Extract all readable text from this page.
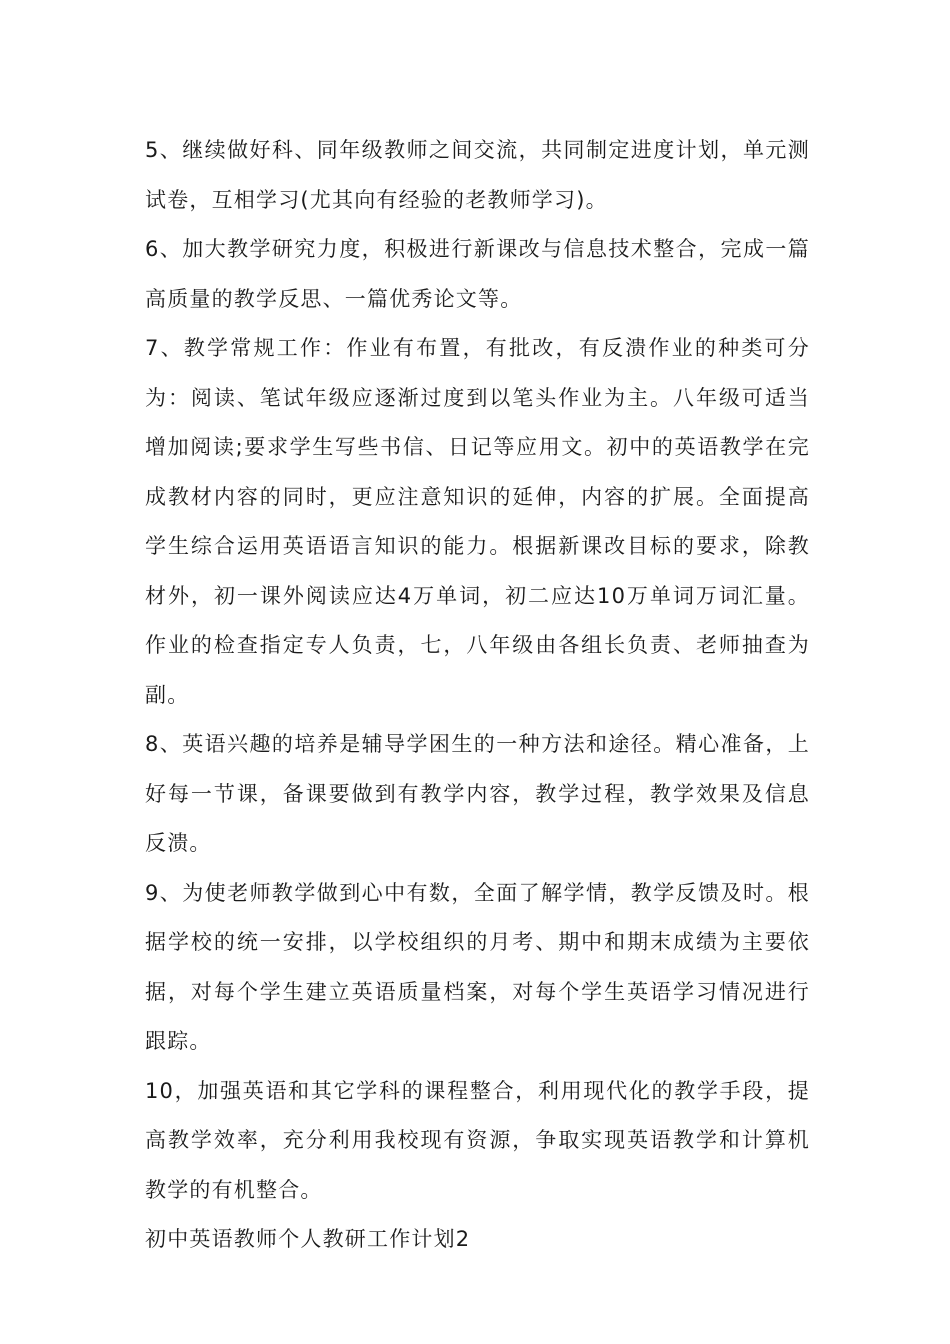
5、继续做好科、同年级教师之间交流，共同制定进度计划，单元测试卷，互相学习(尤其向有经验的老教师学习)。

6、加大教学研究力度，积极进行新课改与信息技术整合，完成一篇高质量的教学反思、一篇优秀论文等。

7、教学常规工作：作业有布置，有批改，有反溃作业的种类可分为：阅读、笔试年级应逐渐过度到以笔头作业为主。八年级可适当增加阅读;要求学生写些书信、日记等应用文。初中的英语教学在完成教材内容的同时，更应注意知识的延伸，内容的扩展。全面提高学生综合运用英语语言知识的能力。根据新课改目标的要求，除教材外，初一课外阅读应达4万单词，初二应达10万单词万词汇量。作业的检查指定专人负责，七，八年级由各组长负责、老师抽查为副。

8、英语兴趣的培养是辅导学困生的一种方法和途径。精心准备，上好每一节课，备课要做到有教学内容，教学过程，教学效果及信息反溃。

9、为使老师教学做到心中有数，全面了解学情，教学反馈及时。根据学校的统一安排，以学校组织的月考、期中和期末成绩为主要依据，对每个学生建立英语质量档案，对每个学生英语学习情况进行跟踪。

10，加强英语和其它学科的课程整合，利用现代化的教学手段，提高教学效率，充分利用我校现有资源，争取实现英语教学和计算机教学的有机整合。

初中英语教师个人教研工作计划2
